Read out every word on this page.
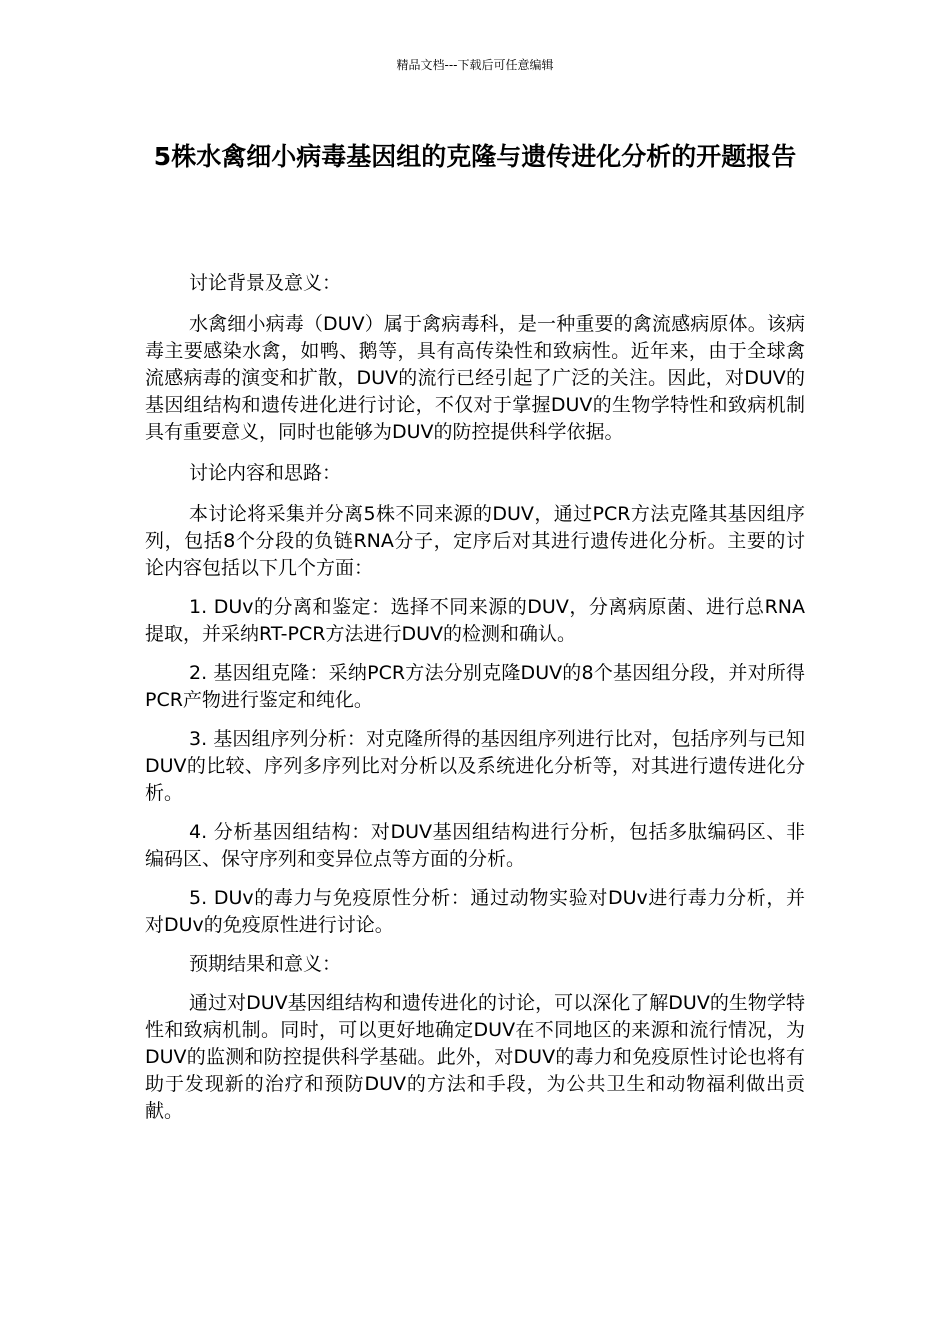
精品文档---下载后可任意编辑
5株水禽细小病毒基因组的克隆与遗传进化分析的开题报告

讨论背景及意义：

水禽细小病毒（DUV）属于禽病毒科，是一种重要的禽流感病原体。该病毒主要感染水禽，如鸭、鹅等，具有高传染性和致病性。近年来，由于全球禽流感病毒的演变和扩散，DUV的流行已经引起了广泛的关注。因此，对DUV的基因组结构和遗传进化进行讨论，不仅对于掌握DUV的生物学特性和致病机制具有重要意义，同时也能够为DUV的防控提供科学依据。

讨论内容和思路：

本讨论将采集并分离5株不同来源的DUV，通过PCR方法克隆其基因组序列，包括8个分段的负链RNA分子，定序后对其进行遗传进化分析。主要的讨论内容包括以下几个方面：

1. DUv的分离和鉴定：选择不同来源的DUV，分离病原菌、进行总RNA提取，并采纳RT-PCR方法进行DUV的检测和确认。

2. 基因组克隆：采纳PCR方法分别克隆DUV的8个基因组分段，并对所得PCR产物进行鉴定和纯化。

3. 基因组序列分析：对克隆所得的基因组序列进行比对，包括序列与已知DUV的比较、序列多序列比对分析以及系统进化分析等，对其进行遗传进化分析。

4. 分析基因组结构：对DUV基因组结构进行分析，包括多肽编码区、非编码区、保守序列和变异位点等方面的分析。

5. DUv的毒力与免疫原性分析：通过动物实验对DUv进行毒力分析，并对DUv的免疫原性进行讨论。

预期结果和意义：

通过对DUV基因组结构和遗传进化的讨论，可以深化了解DUV的生物学特性和致病机制。同时，可以更好地确定DUV在不同地区的来源和流行情况，为DUV的监测和防控提供科学基础。此外，对DUV的毒力和免疫原性讨论也将有助于发现新的治疗和预防DUV的方法和手段，为公共卫生和动物福利做出贡献。
